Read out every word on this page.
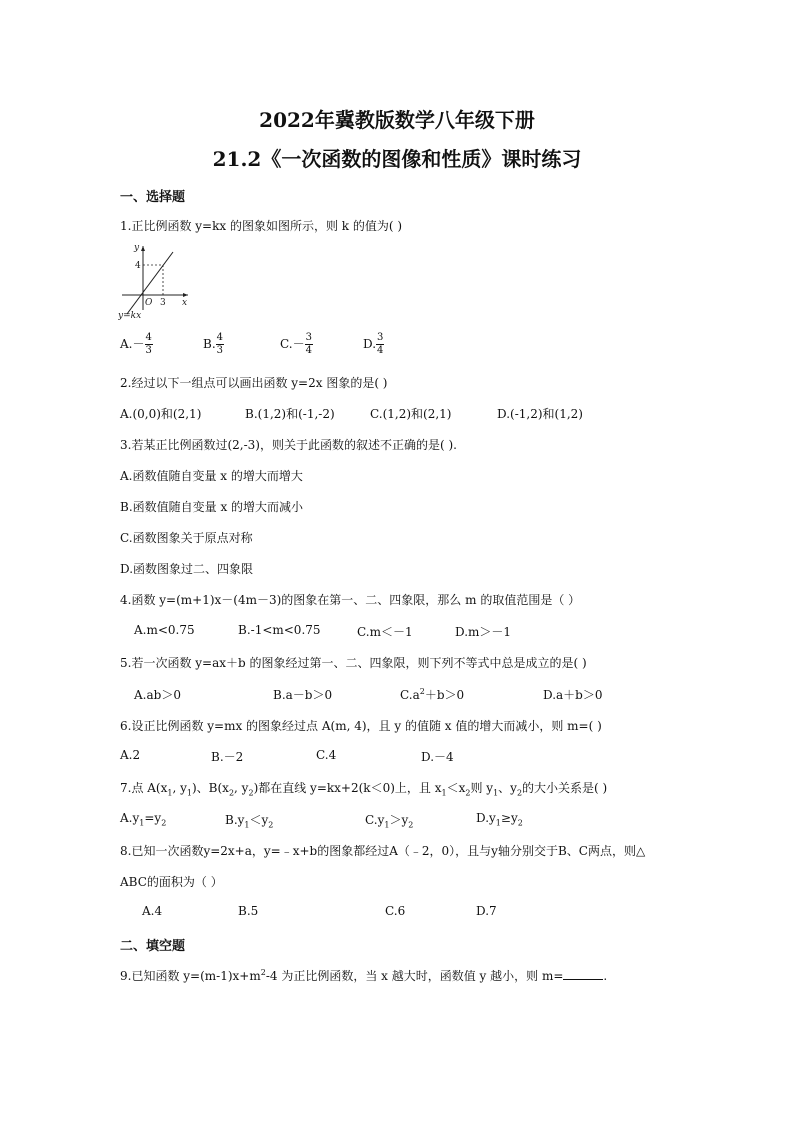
2022年冀教版数学八年级下册
21.2《一次函数的图像和性质》课时练习
一、选择题
1.正比例函数 y=kx 的图象如图所示，则 k 的值为( )
y
4
O 3 x
y=kx
$A.- \frac{4}{3}$	B. $\frac{4}{3}$	$C.- \frac{3}{4}$	D. $\frac{3}{4}$
2.经过以下一组点可以画出函数 y=2x 图象的是( )
A.(0,0)和(2,1)	B.(1,2)和(-1,-2)	C.(1,2)和(2,1)	D.(-1,2)和(1,2)
3.若某正比例函数过(2,-3)，则关于此函数的叙述不正确的是( ).
A.函数值随自变量 x 的增大而增大
B.函数值随自变量 x 的增大而减小
C.函数图象关于原点对称
D.函数图象过二、四象限
4.函数 y=(m+1)x－(4m－3)的图象在第一、二、四象限，那么 m 的取值范围是（ ）
A.m<0.75	B.-1<m<0.75	C.m＜－1	D.m＞－1
5.若一次函数 y=ax＋b 的图象经过第一、二、四象限，则下列不等式中总是成立的是( )
A.ab＞0	B.a－b＞0	$C.a^2+b>0$	D.a＋b＞0
6.设正比例函数 y=mx 的图象经过点 A(m, 4)，且 y 的值随 x 值的增大而减小，则 m=( )
A.2	B.－2	C.4	D.－4
7.点 $A(x_1$, $y_1$)、$B(x_2$, $y_2$)都在直线 y=kx+2(k＜0)上，且 $x_1<x_2$则 $y_1$、$y_2$的大小关系是( )
$A.y_1=y_2$	$B.y_1<y_2$	$C.y_1>y_2$	$D.y_1\ge y_2$
8.已知一次函数y=2x+a，y=﹣x+b的图象都经过A（﹣2，0），且与y轴分别交于B、C两点，则△
ABC的面积为（ ）
A.4	B.5	C.6	D.7
二、填空题
9.已知函数 $y=(m-1)x+m^2-4$ 为正比例函数，当 x 越大时，函数值 y 越小，则 m=	.
